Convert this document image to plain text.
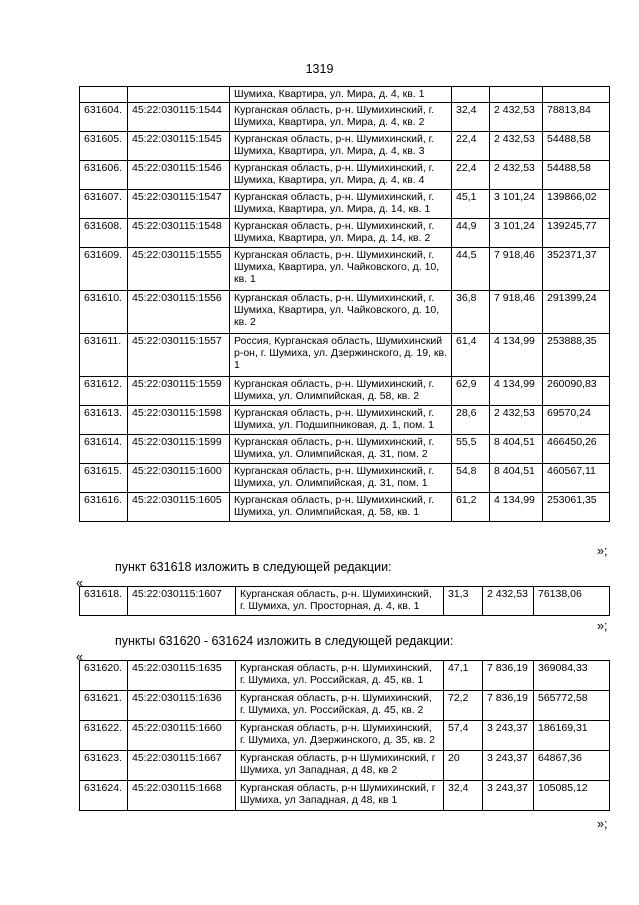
1319
		Шумиха, Квартира, ул. Мира, д. 4, кв. 1			
631604.	45:22:030115:1544	Курганская область, р-н. Шумихинский, г. Шумиха, Квартира, ул. Мира, д. 4, кв. 2	32,4	2 432,53	78813,84
631605.	45:22:030115:1545	Курганская область, р-н. Шумихинский, г. Шумиха, Квартира, ул. Мира, д. 4, кв. 3	22,4	2 432,53	54488,58
631606.	45:22:030115:1546	Курганская область, р-н. Шумихинский, г. Шумиха, Квартира, ул. Мира, д. 4, кв. 4	22,4	2 432,53	54488,58
631607.	45:22:030115:1547	Курганская область, р-н. Шумихинский, г. Шумиха, Квартира, ул. Мира, д. 14, кв. 1	45,1	3 101,24	139866,02
631608.	45:22:030115:1548	Курганская область, р-н. Шумихинский, г. Шумиха, Квартира, ул. Мира, д. 14, кв. 2	44,9	3 101,24	139245,77
631609.	45:22:030115:1555	Курганская область, р-н. Шумихинский, г. Шумиха, Квартира, ул. Чайковского, д. 10, кв. 1	44,5	7 918,46	352371,37
631610.	45:22:030115:1556	Курганская область, р-н. Шумихинский, г. Шумиха, Квартира, ул. Чайковского, д. 10, кв. 2	36,8	7 918,46	291399,24
631611.	45:22:030115:1557	Россия, Курганская область, Шумихинский р-он, г. Шумиха, ул. Дзержинского, д. 19, кв. 1	61,4	4 134,99	253888,35
631612.	45:22:030115:1559	Курганская область, р-н. Шумихинский, г. Шумиха, ул. Олимпийская, д. 58, кв. 2	62,9	4 134,99	260090,83
631613.	45:22:030115:1598	Курганская область, р-н. Шумихинский, г. Шумиха, ул. Подшипниковая, д. 1, пом. 1	28,6	2 432,53	69570,24
631614.	45:22:030115:1599	Курганская область, р-н. Шумихинский, г. Шумиха, ул. Олимпийская, д. 31, пом. 2	55,5	8 404,51	466450,26
631615.	45:22:030115:1600	Курганская область, р-н. Шумихинский, г. Шумиха, ул. Олимпийская, д. 31, пом. 1	54,8	8 404,51	460567,11
631616.	45:22:030115:1605	Курганская область, р-н. Шумихинский, г. Шумиха, ул. Олимпийская, д. 58, кв. 1	61,2	4 134,99	253061,35
»;
пункт 631618 изложить в следующей редакции:
«
631618.	45:22:030115:1607	Курганская область, р-н. Шумихинский, г. Шумиха, ул. Просторная, д. 4, кв. 1	31,3	2 432,53	76138,06
»;
пункты 631620 - 631624 изложить в следующей редакции:
«
631620.	45:22:030115:1635	Курганская область, р-н. Шумихинский, г. Шумиха, ул. Российская, д. 45, кв. 1	47,1	7 836,19	369084,33
631621.	45:22:030115:1636	Курганская область, р-н. Шумихинский, г. Шумиха, ул. Российская, д. 45, кв. 2	72,2	7 836,19	565772,58
631622.	45:22:030115:1660	Курганская область, р-н. Шумихинский, г. Шумиха, ул. Дзержинского, д. 35, кв. 2	57,4	3 243,37	186169,31
631623.	45:22:030115:1667	Курганская область, р-н Шумихинский, г Шумиха, ул Западная, д 48, кв 2	20	3 243,37	64867,36
631624.	45:22:030115:1668	Курганская область, р-н Шумихинский, г Шумиха, ул Западная, д 48, кв 1	32,4	3 243,37	105085,12
»;
